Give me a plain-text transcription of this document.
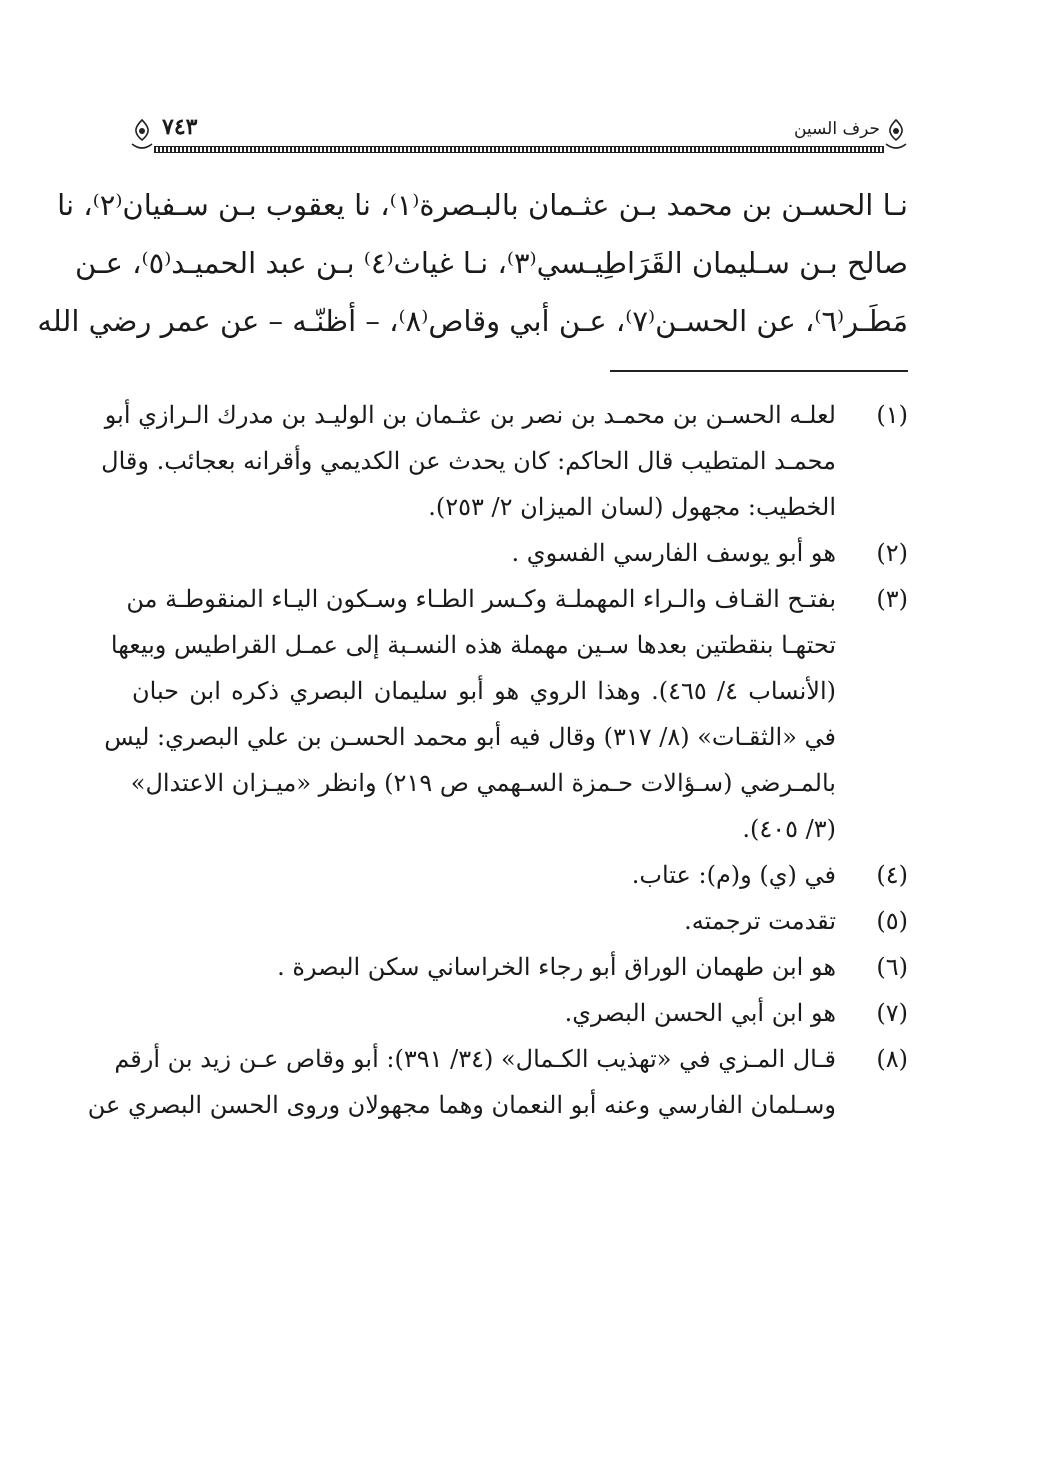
حرف السين
٧٤٣
نـا الحسـن بن محمد بـن عثـمان بالبـصرة⁽١⁾، نا يعقوب بـن سـفيان⁽٢⁾، نا
صالح بـن سـليمان القَرَاطِيـسي⁽٣⁾، نـا غياث⁽٤⁾ بـن عبد الحميـد⁽٥⁾، عـن
مَطَـر⁽٦⁾، عن الحسـن⁽٧⁾، عـن أبي وقاص⁽٨⁾، – أظنّـه – عن عمر رضي الله
(١)
لعلـه الحسـن بن محمـد بن نصر بن عثـمان بن الوليـد بن مدرك الـرازي أبو
محمـد المتطيب قال الحاكم: كان يحدث عن الكديمي وأقرانه بعجائب. وقال
الخطيب: مجهول (لسان الميزان ٢/ ٢٥٣).
(٢)
هو أبو يوسف الفارسي الفسوي .
(٣)
بفتـح القـاف والـراء المهملـة وكـسر الطـاء وسـكون اليـاء المنقوطـة من
تحتهـا بنقطتين بعدها سـين مهملة هذه النسـبة إلى عمـل القراطيس وبيعها
(الأنساب ٤/ ٤٦٥). وهذا الروي هو أبو سليمان البصري ذكره ابن حبان
في «الثقـات» (٨/ ٣١٧) وقال فيه أبو محمد الحسـن بن علي البصري: ليس
بالمـرضي (سـؤالات حـمزة السـهمي ص ٢١٩) وانظر «ميـزان الاعتدال»
(٣/ ٤٠٥).
(٤)
في (ي) و(م): عتاب.
(٥)
تقدمت ترجمته.
(٦)
هو ابن طهمان الوراق أبو رجاء الخراساني سكن البصرة .
(٧)
هو ابن أبي الحسن البصري.
(٨)
قـال المـزي في «تهذيب الكـمال» (٣٤/ ٣٩١): أبو وقاص عـن زيد بن أرقم
وسـلمان الفارسي وعنه أبو النعمان وهما مجهولان وروى الحسن البصري عن
